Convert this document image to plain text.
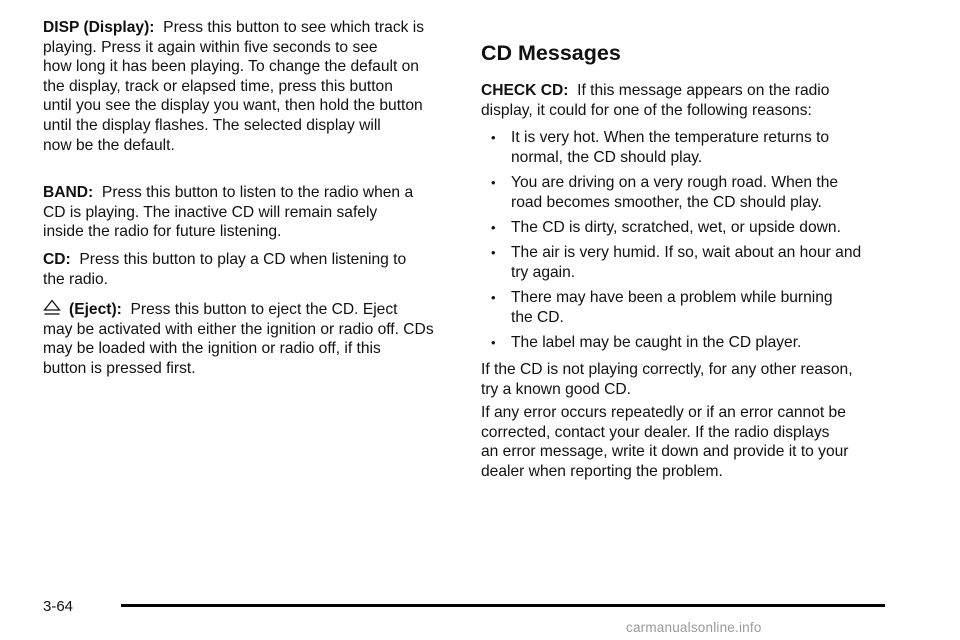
DISP (Display): Press this button to see which track is
playing. Press it again within five seconds to see
how long it has been playing. To change the default on
the display, track or elapsed time, press this button
until you see the display you want, then hold the button
until the display flashes. The selected display will
now be the default.

BAND: Press this button to listen to the radio when a
CD is playing. The inactive CD will remain safely
inside the radio for future listening.

CD: Press this button to play a CD when listening to
the radio.

(Eject): Press this button to eject the CD. Eject
may be activated with either the ignition or radio off. CDs
may be loaded with the ignition or radio off, if this
button is pressed first.

CD Messages

CHECK CD: If this message appears on the radio
display, it could for one of the following reasons:

• It is very hot. When the temperature returns to
normal, the CD should play.
• You are driving on a very rough road. When the
road becomes smoother, the CD should play.
• The CD is dirty, scratched, wet, or upside down.
• The air is very humid. If so, wait about an hour and
try again.
• There may have been a problem while burning
the CD.
• The label may be caught in the CD player.

If the CD is not playing correctly, for any other reason,
try a known good CD.

If any error occurs repeatedly or if an error cannot be
corrected, contact your dealer. If the radio displays
an error message, write it down and provide it to your
dealer when reporting the problem.

3-64
carmanualsonline.info
